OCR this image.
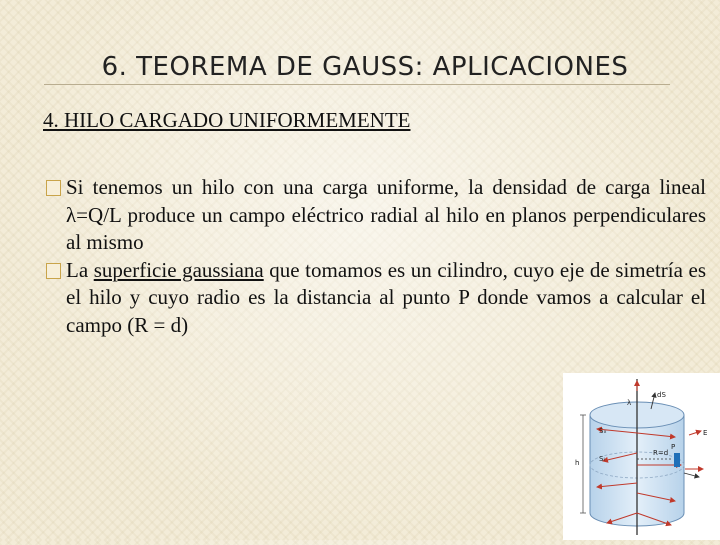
6. TEOREMA DE GAUSS: APLICACIONES
4. HILO CARGADO UNIFORMEMENTE
Si tenemos un hilo con una carga uniforme, la densidad de carga lineal λ=Q/L produce un campo eléctrico radial al hilo en planos perpendiculares al mismo
La superficie gaussiana que tomamos es un cilindro, cuyo eje de simetría es el hilo y cuyo radio es la distancia al punto P donde vamos a calcular el campo (R = d)
λ
Sₓ
Sₗ
h
R=d
P
E
dS
